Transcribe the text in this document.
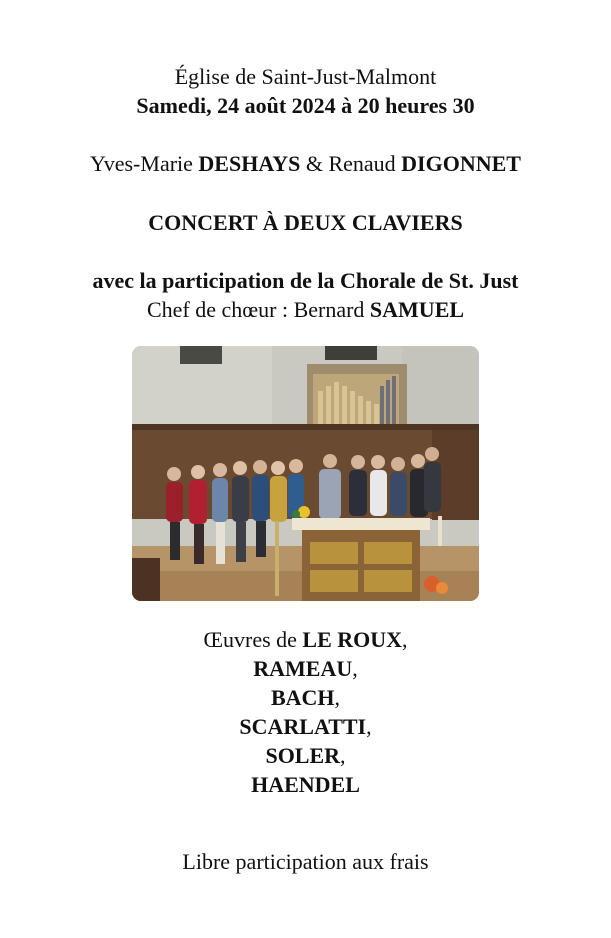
Église de Saint-Just-Malmont
Samedi, 24 août 2024 à 20 heures 30
Yves-Marie DESHAYS & Renaud DIGONNET
CONCERT À DEUX CLAVIERS
avec la participation de la Chorale de St. Just
Chef de chœur : Bernard SAMUEL
Œuvres de LE ROUX,
RAMEAU,
BACH,
SCARLATTI,
SOLER,
HAENDEL
Libre participation aux frais
